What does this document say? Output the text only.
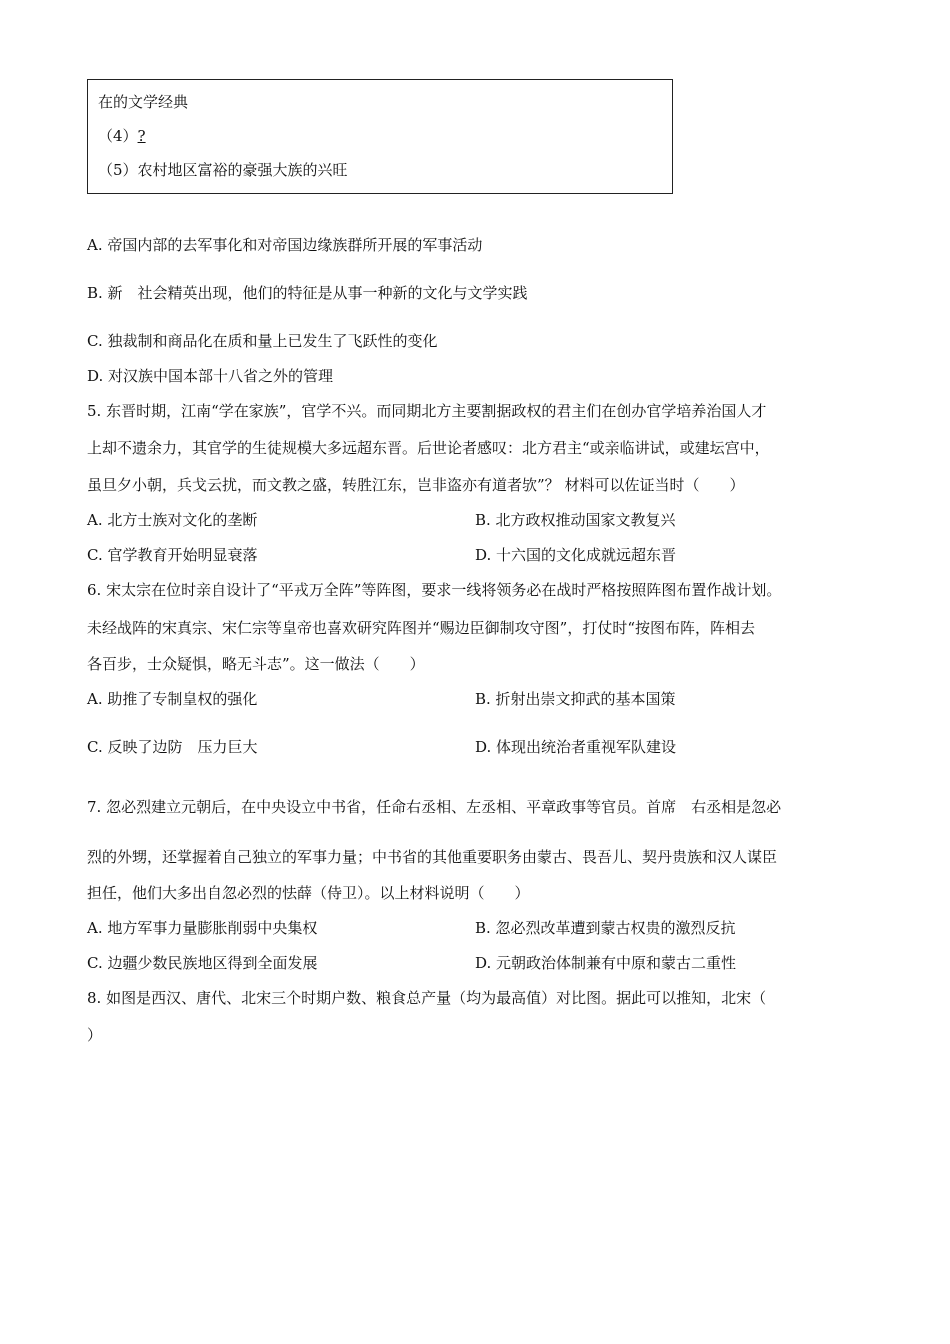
在的文学经典
（4）?
（5）农村地区富裕的豪强大族的兴旺
A. 帝国内部的去军事化和对帝国边缘族群所开展的军事活动
B. 新　社会精英出现，他们的特征是从事一种新的文化与文学实践
C. 独裁制和商品化在质和量上已发生了飞跃性的变化
D. 对汉族中国本部十八省之外的管理
5. 东晋时期，江南“学在家族”，官学不兴。而同期北方主要割据政权的君主们在创办官学培养治国人才
上却不遗余力，其官学的生徒规模大多远超东晋。后世论者感叹：北方君主“或亲临讲试，或建坛宫中，
虽旦夕小朝，兵戈云扰，而文教之盛，转胜江东，岂非盗亦有道者欤”？ 材料可以佐证当时（　　）
A. 北方士族对文化的垄断	B. 北方政权推动国家文教复兴
C. 官学教育开始明显衰落	D. 十六国的文化成就远超东晋
6. 宋太宗在位时亲自设计了“平戎万全阵”等阵图，要求一线将领务必在战时严格按照阵图布置作战计划。
未经战阵的宋真宗、宋仁宗等皇帝也喜欢研究阵图并“赐边臣御制攻守图”，打仗时“按图布阵，阵相去
各百步，士众疑惧，略无斗志”。这一做法（　　）
A. 助推了专制皇权的强化	B. 折射出崇文抑武的基本国策
C. 反映了边防　压力巨大	D. 体现出统治者重视军队建设
7. 忽必烈建立元朝后，在中央设立中书省，任命右丞相、左丞相、平章政事等官员。首席　右丞相是忽必
烈的外甥，还掌握着自己独立的军事力量；中书省的其他重要职务由蒙古、畏吾儿、契丹贵族和汉人谋臣
担任，他们大多出自忽必烈的怯薛（侍卫）。以上材料说明（　　）
A. 地方军事力量膨胀削弱中央集权	B. 忽必烈改革遭到蒙古权贵的激烈反抗
C. 边疆少数民族地区得到全面发展	D. 元朝政治体制兼有中原和蒙古二重性
8. 如图是西汉、唐代、北宋三个时期户数、粮食总产量（均为最高值）对比图。据此可以推知，北宋（
）
